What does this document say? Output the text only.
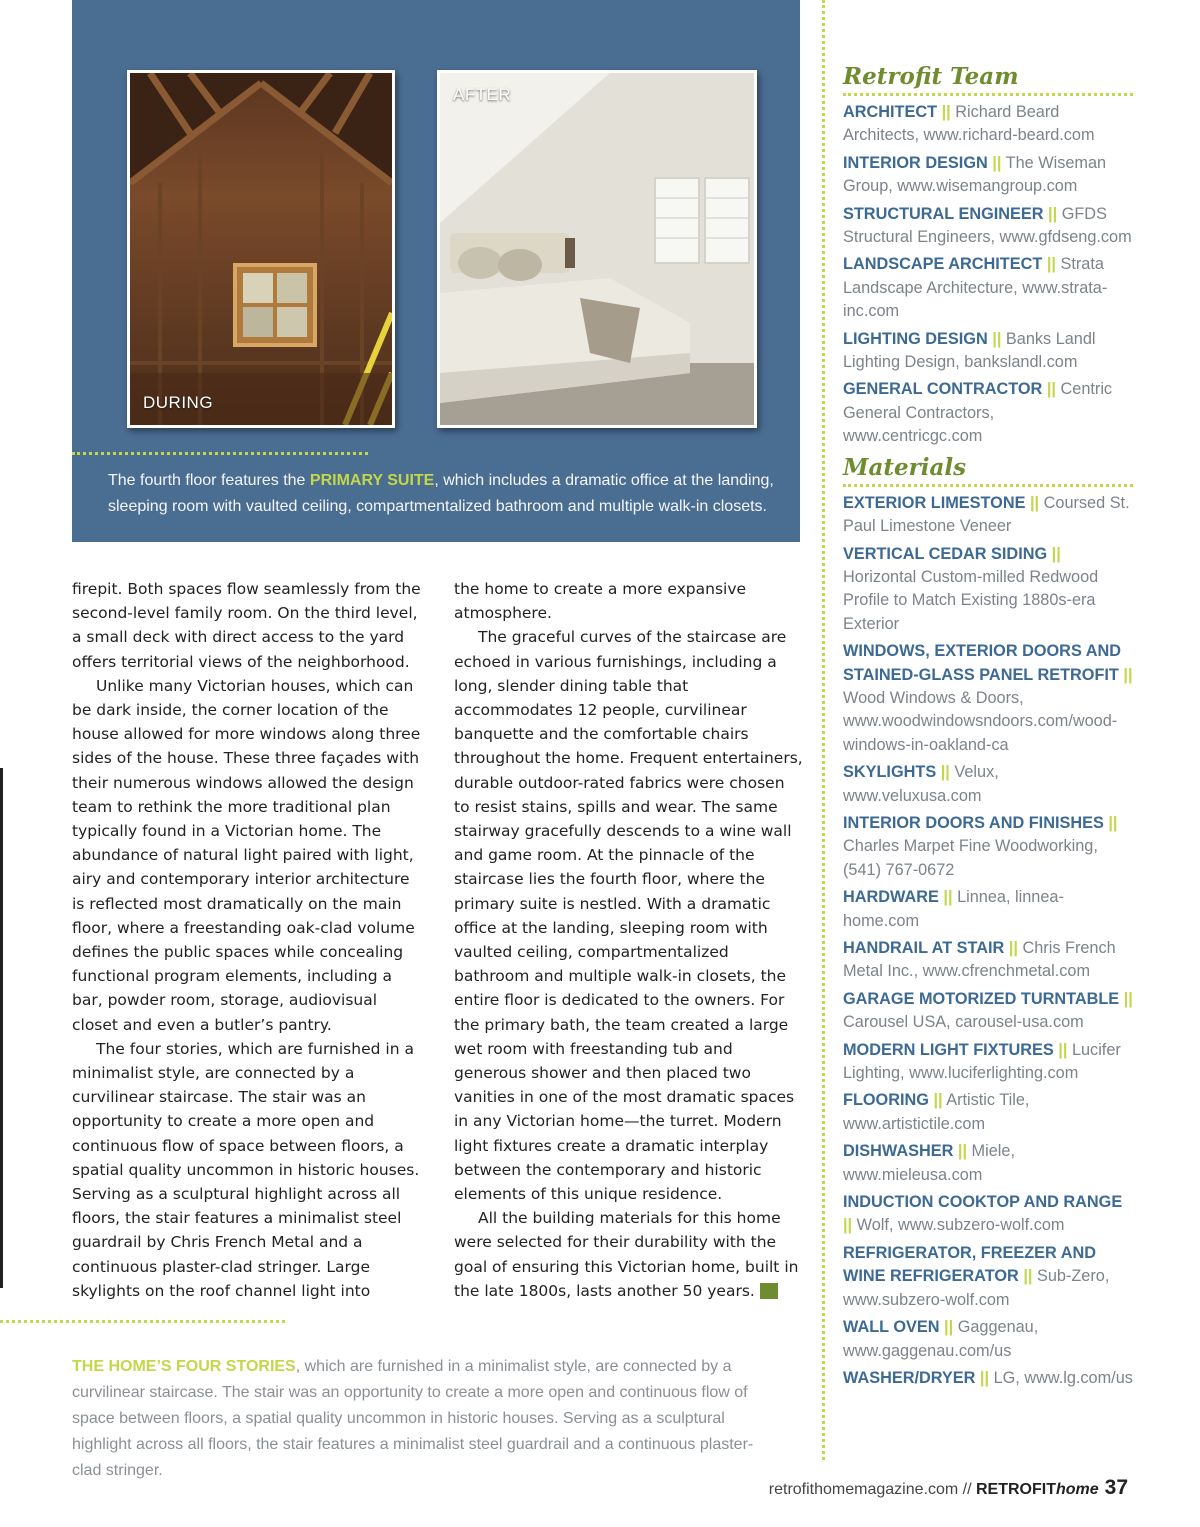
DURING
AFTER

The fourth floor features the PRIMARY SUITE, which includes a dramatic office at the landing, sleeping room with vaulted ceiling, compartmentalized bathroom and multiple walk-in closets.

firepit. Both spaces flow seamlessly from the second-level family room. On the third level, a small deck with direct access to the yard offers territorial views of the neighborhood.

Unlike many Victorian houses, which can be dark inside, the corner location of the house allowed for more windows along three sides of the house. These three façades with their numerous windows allowed the design team to rethink the more traditional plan typically found in a Victorian home. The abundance of natural light paired with light, airy and contemporary interior architecture is reflected most dramatically on the main floor, where a freestanding oak-clad volume defines the public spaces while concealing functional program elements, including a bar, powder room, storage, audiovisual closet and even a butler’s pantry.

The four stories, which are furnished in a minimalist style, are connected by a curvilinear staircase. The stair was an opportunity to create a more open and continuous flow of space between floors, a spatial quality uncommon in historic houses. Serving as a sculptural highlight across all floors, the stair features a minimalist steel guardrail by Chris French Metal and a continuous plaster-clad stringer. Large skylights on the roof channel light into

the home to create a more expansive atmosphere.

The graceful curves of the staircase are echoed in various furnishings, including a long, slender dining table that accommodates 12 people, curvilinear banquette and the comfortable chairs throughout the home. Frequent entertainers, durable outdoor-rated fabrics were chosen to resist stains, spills and wear. The same stairway gracefully descends to a wine wall and game room. At the pinnacle of the staircase lies the fourth floor, where the primary suite is nestled. With a dramatic office at the landing, sleeping room with vaulted ceiling, compartmentalized bathroom and multiple walk-in closets, the entire floor is dedicated to the owners. For the primary bath, the team created a large wet room with freestanding tub and generous shower and then placed two vanities in one of the most dramatic spaces in any Victorian home—the turret. Modern light fixtures create a dramatic interplay between the contemporary and historic elements of this unique residence.

All the building materials for this home were selected for their durability with the goal of ensuring this Victorian home, built in the late 1800s, lasts another 50 years.	rh

THE HOME’S FOUR STORIES, which are furnished in a minimalist style, are connected by a curvilinear staircase. The stair was an opportunity to create a more open and continuous flow of space between floors, a spatial quality uncommon in historic houses. Serving as a sculptural highlight across all floors, the stair features a minimalist steel guardrail and a continuous plaster-clad stringer.

Retrofit Team
ARCHITECT || Richard Beard Architects, www.richard-beard.com
INTERIOR DESIGN || The Wiseman Group, www.wisemangroup.com
STRUCTURAL ENGINEER || GFDS Structural Engineers, www.gfdseng.com
LANDSCAPE ARCHITECT || Strata Landscape Architecture, www.strata-inc.com
LIGHTING DESIGN || Banks Landl Lighting Design, bankslandl.com
GENERAL CONTRACTOR || Centric General Contractors, www.centricgc.com
Materials
EXTERIOR LIMESTONE || Coursed St. Paul Limestone Veneer
VERTICAL CEDAR SIDING || Horizontal Custom-milled Redwood Profile to Match Existing 1880s-era Exterior
WINDOWS, EXTERIOR DOORS AND STAINED-GLASS PANEL RETROFIT || Wood Windows & Doors, www.woodwindowsndoors.com/wood-windows-in-oakland-ca
SKYLIGHTS || Velux, www.veluxusa.com
INTERIOR DOORS AND FINISHES || Charles Marpet Fine Woodworking, (541) 767-0672
HARDWARE || Linnea, linnea-home.com
HANDRAIL AT STAIR || Chris French Metal Inc., www.cfrenchmetal.com
GARAGE MOTORIZED TURNTABLE || Carousel USA, carousel-usa.com
MODERN LIGHT FIXTURES || Lucifer Lighting, www.luciferlighting.com
FLOORING || Artistic Tile, www.artistictile.com
DISHWASHER || Miele, www.mieleusa.com
INDUCTION COOKTOP AND RANGE || Wolf, www.subzero-wolf.com
REFRIGERATOR, FREEZER AND WINE REFRIGERATOR || Sub-Zero, www.subzero-wolf.com
WALL OVEN || Gaggenau, www.gaggenau.com/us
WASHER/DRYER || LG, www.lg.com/us
retrofithomemagazine.com // RETROFIThome 37
